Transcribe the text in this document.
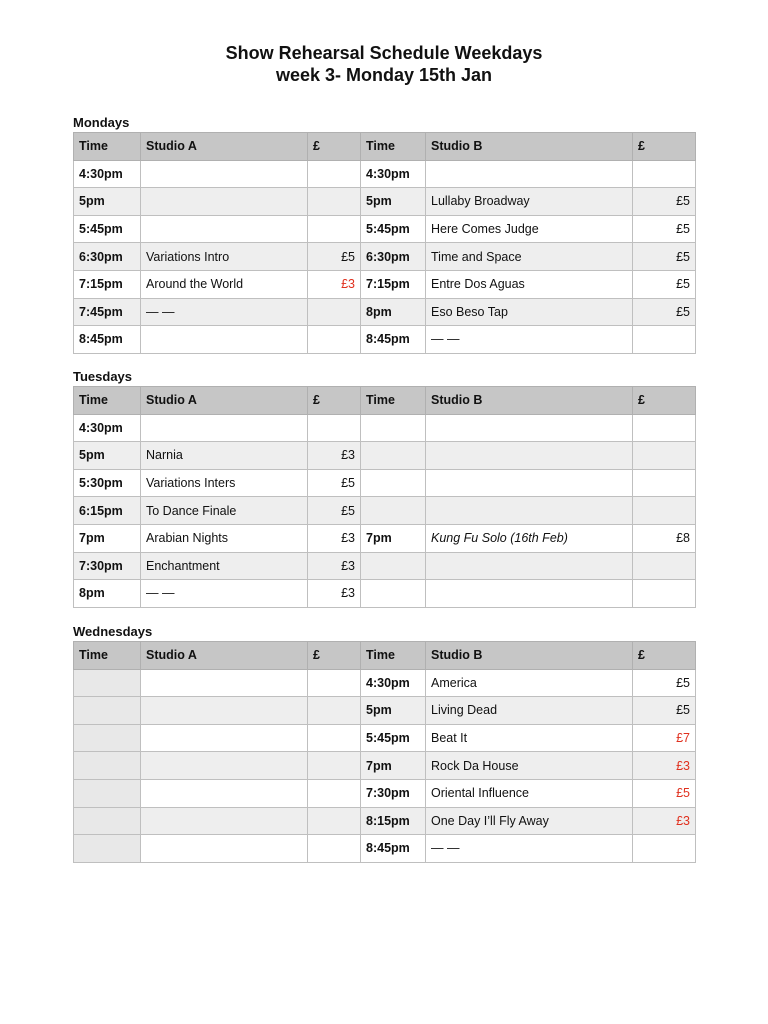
Show Rehearsal Schedule Weekdays
week 3- Monday 15th Jan
Mondays
Time	Studio A	£	Time	Studio B	£
4:30pm			4:30pm		
5pm			5pm	Lullaby Broadway	£5
5:45pm			5:45pm	Here Comes Judge	£5
6:30pm	Variations Intro	£5	6:30pm	Time and Space	£5
7:15pm	Around the World	£3	7:15pm	Entre Dos Aguas	£5
7:45pm	— —		8pm	Eso Beso Tap	£5
8:45pm			8:45pm	— —	
Tuesdays
Time	Studio A	£	Time	Studio B	£
4:30pm					
5pm	Narnia	£3			
5:30pm	Variations Inters	£5			
6:15pm	To Dance Finale	£5			
7pm	Arabian Nights	£3	7pm	Kung Fu Solo (16th Feb)	£8
7:30pm	Enchantment	£3			
8pm	— —	£3			
Wednesdays
Time	Studio A	£	Time	Studio B	£
			4:30pm	America	£5
			5pm	Living Dead	£5
			5:45pm	Beat It	£7
			7pm	Rock Da House	£3
			7:30pm	Oriental Influence	£5
			8:15pm	One Day I’ll Fly Away	£3
			8:45pm	— —	
